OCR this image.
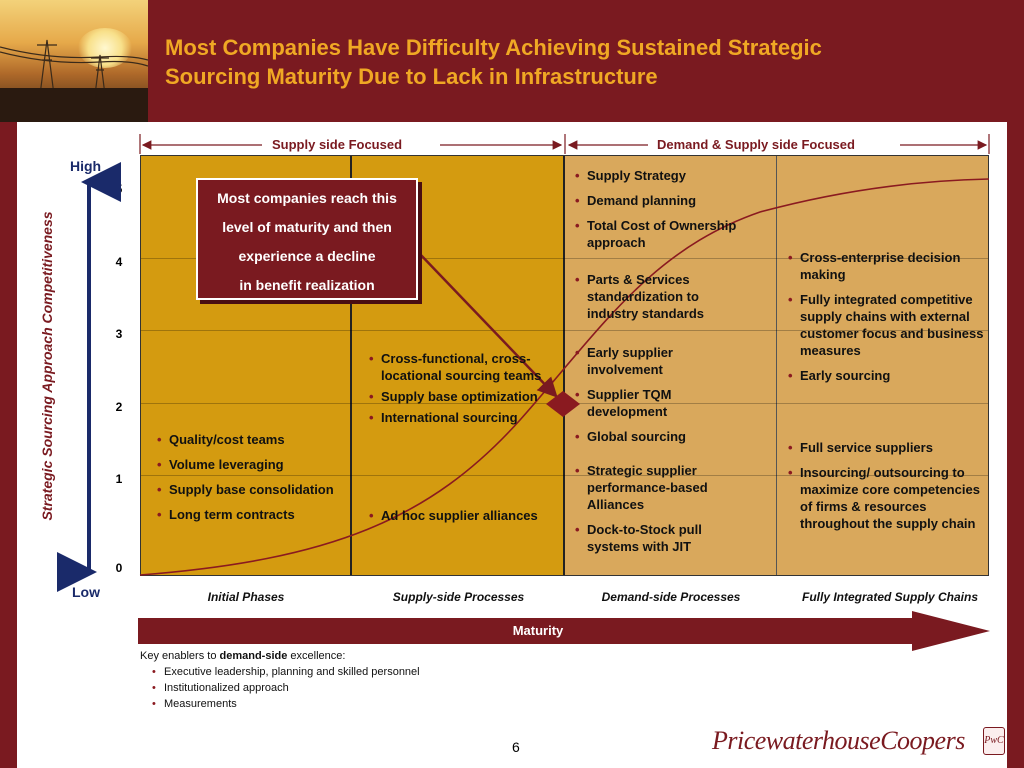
Most Companies Have Difficulty Achieving Sustained Strategic
Sourcing Maturity Due to Lack in Infrastructure
Supply side Focused	Demand & Supply side Focused
Strategic Sourcing Approach Competitiveness
High
Low
5
4
3
2
1
0
Most companies reach this
level of maturity and then
experience a decline
in benefit realization
• Quality/cost teams
• Volume leveraging
• Supply base consolidation
• Long term contracts
• Cross-functional, cross-locational sourcing teams
• Supply base optimization
• International sourcing
• Ad hoc supplier alliances
• Supply Strategy
• Demand planning
• Total Cost of Ownership approach
• Parts & Services standardization to industry standards
• Early supplier involvement
• Supplier TQM development
• Global sourcing
• Strategic supplier performance-based Alliances
• Dock-to-Stock pull systems with JIT
• Cross-enterprise decision making
• Fully integrated competitive supply chains with external customer focus and business measures
• Early sourcing
• Full service suppliers
• Insourcing/ outsourcing to maximize core competencies of firms & resources throughout the supply chain
Initial Phases	Supply-side Processes	Demand-side Processes	Fully Integrated Supply Chains
Maturity
Key enablers to demand-side excellence:
• Executive leadership, planning and skilled personnel
• Institutionalized approach
• Measurements
6	PricewaterhouseCoopers PwC
